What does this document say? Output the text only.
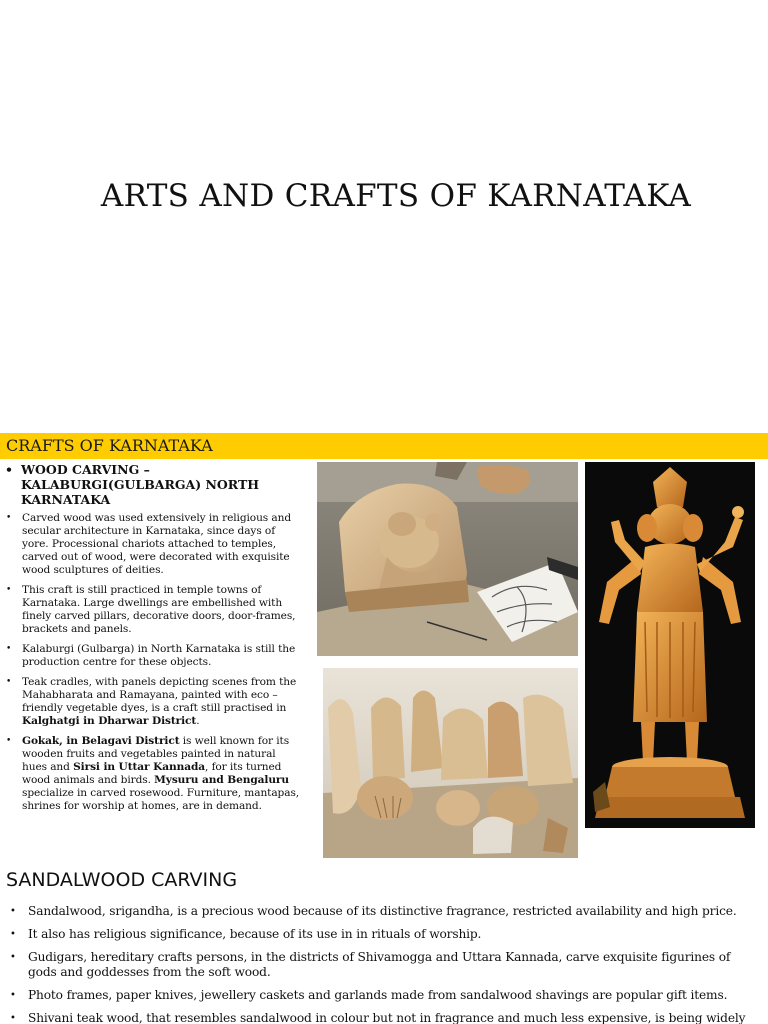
ARTS AND CRAFTS OF KARNATAKA
CRAFTS OF KARNATAKA
• WOOD CARVING – KALABURGI(GULBARGA) NORTH KARNATAKA
•	Carved wood was used extensively in religious and secular architecture in Karnataka, since days of yore. Processional chariots attached to temples, carved out of wood, were decorated with exquisite wood sculptures of deities.
•	This craft is still practiced in temple towns of Karnataka. Large dwellings are embellished with finely carved pillars, decorative doors, door-frames, brackets and panels.
•	Kalaburgi (Gulbarga) in North Karnataka is still the production centre for these objects.
•	Teak cradles, with panels depicting scenes from the Mahabharata and Ramayana, painted with eco – friendly vegetable dyes, is a craft still practised in Kalghatgi in Dharwar District.
•	Gokak, in Belagavi District is well known for its wooden fruits and vegetables painted in natural hues and Sirsi in Uttar Kannada, for its turned wood animals and birds. Mysuru and Bengaluru specialize in carved rosewood. Furniture, mantapas, shrines for worship at homes, are in demand.
SANDALWOOD CARVING
•	Sandalwood, srigandha, is a precious wood because of its distinctive fragrance, restricted availability and high price.
•	It also has religious significance, because of its use in in rituals of worship.
•	Gudigars, hereditary crafts persons, in the districts of Shivamogga and Uttara Kannada, carve exquisite figurines of gods and goddesses from the soft wood.
•	Photo frames, paper knives, jewellery caskets and garlands made from sandalwood shavings are popular gift items.
•	Shivani teak wood, that resembles sandalwood in colour but not in fragrance and much less expensive, is being widely
